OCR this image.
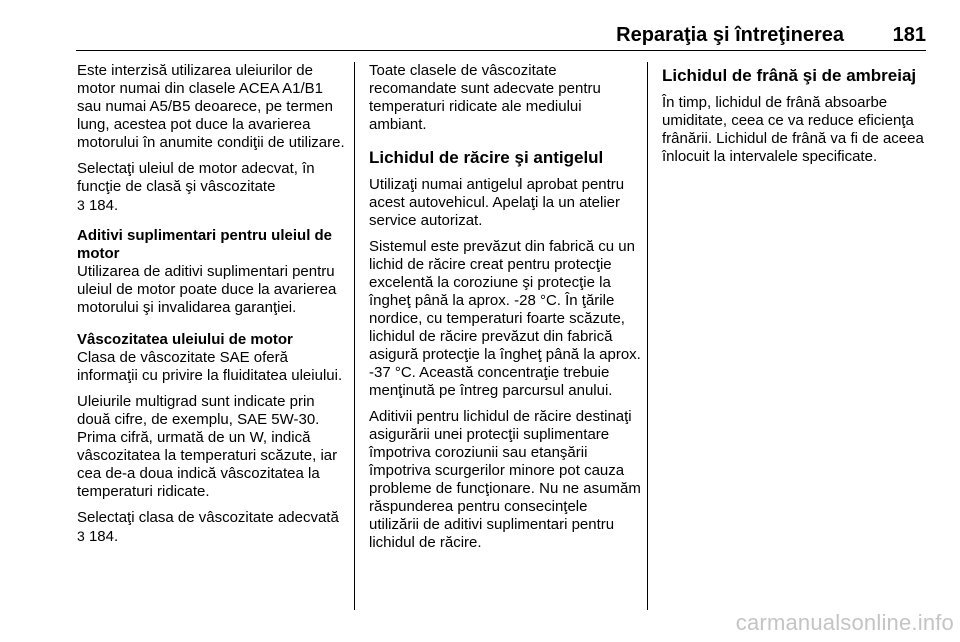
Reparaţia şi întreţinerea 181

Este interzisă utilizarea uleiurilor de motor numai din clasele ACEA A1/B1 sau numai A5/B5 deoarece, pe termen lung, acestea pot duce la avarierea motorului în anumite condiţii de utilizare.

Selectaţi uleiul de motor adecvat, în funcţie de clasă şi vâscozitate
3 184.

Aditivi suplimentari pentru uleiul de motor

Utilizarea de aditivi suplimentari pentru uleiul de motor poate duce la avarierea motorului şi invalidarea garanţiei.

Vâscozitatea uleiului de motor

Clasa de vâscozitate SAE oferă informaţii cu privire la fluiditatea uleiului.

Uleiurile multigrad sunt indicate prin două cifre, de exemplu, SAE 5W-30. Prima cifră, urmată de un W, indică vâscozitatea la temperaturi scăzute, iar cea de-a doua indică vâscozitatea la temperaturi ridicate.

Selectaţi clasa de vâscozitate adecvată 3 184.

Toate clasele de vâscozitate recomandate sunt adecvate pentru temperaturi ridicate ale mediului ambiant.

Lichidul de răcire şi antigelul

Utilizaţi numai antigelul aprobat pentru acest autovehicul. Apelaţi la un atelier service autorizat.

Sistemul este prevăzut din fabrică cu un lichid de răcire creat pentru protecţie excelentă la coroziune şi protecţie la îngheţ până la aprox. -28 °C. În ţările nordice, cu temperaturi foarte scăzute, lichidul de răcire prevăzut din fabrică asigură protecţie la îngheţ până la aprox. -37 °C. Această concentraţie trebuie menţinută pe întreg parcursul anului.

Aditivii pentru lichidul de răcire destinaţi asigurării unei protecţii suplimentare împotriva coroziunii sau etanşării împotriva scurgerilor minore pot cauza probleme de funcţionare. Nu ne asumăm răspunderea pentru consecinţele utilizării de aditivi suplimentari pentru lichidul de răcire.

Lichidul de frână şi de ambreiaj

În timp, lichidul de frână absoarbe umiditate, ceea ce va reduce eficienţa frânării. Lichidul de frână va fi de aceea înlocuit la intervalele specificate.

carmanualsonline.info
